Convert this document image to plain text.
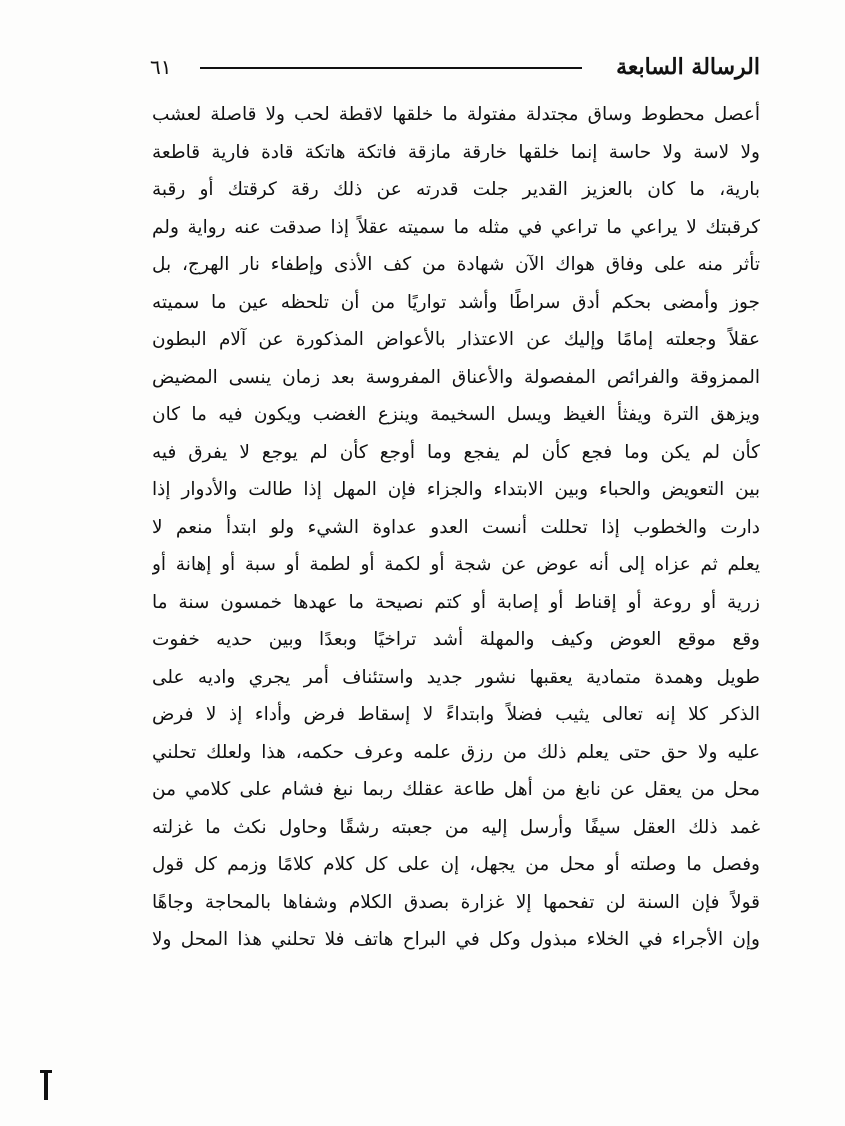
الرسالة السابعة
٦١
أعصل محطوط وساق مجتدلة مفتولة ما خلقها لاقطة لحب ولا قاصلة لعشب
ولا لاسة ولا حاسة إنما خلقها خارقة مازقة فاتكة هاتكة قادة فارية قاطعة
بارية، ما كان بالعزيز القدير جلت قدرته عن ذلك رقة كرقتك أو رقبة
كرقبتك لا يراعي ما تراعي في مثله ما سميته عقلاً إذا صدقت عنه رواية ولم
تأثر منه على وفاق هواك الآن شهادة من كف الأذى وإطفاء نار الهرج، بل
جوز وأمضى بحكم أدق سراطًا وأشد تواريًا من أن تلحظه عين ما سميته
عقلاً وجعلته إمامًا وإليك عن الاعتذار بالأعواض المذكورة عن آلام البطون
الممزوقة والفرائص المفصولة والأعناق المفروسة بعد زمان ينسى المضيض
ويزهق الترة ويفثأ الغيظ ويسل السخيمة وينزع الغضب ويكون فيه ما كان
كأن لم يكن وما فجع كأن لم يفجع وما أوجع كأن لم يوجع لا يفرق فيه
بين التعويض والحباء وبين الابتداء والجزاء فإن المهل إذا طالت والأدوار إذا
دارت والخطوب إذا تحللت أنست العدو عداوة الشيء ولو ابتدأ منعم لا
يعلم ثم عزاه إلى أنه عوض عن شجة أو لكمة أو لطمة أو سبة أو إهانة أو
زرية أو روعة أو إقناط أو إصابة أو كتم نصيحة ما عهدها خمسون سنة ما
وقع موقع العوض وكيف والمهلة أشد تراخيًا وبعدًا وبين حديه خفوت
طويل وهمدة متمادية يعقبها نشور جديد واستئناف أمر يجري واديه على
الذكر كلا إنه تعالى يثيب فضلاً وابتداءً لا إسقاط فرض وأداء إذ لا فرض
عليه ولا حق حتى يعلم ذلك من رزق علمه وعرف حكمه، هذا ولعلك تحلني
محل من يعقل عن نابغ من أهل طاعة عقلك ربما نبغ فشام على كلامي من
غمد ذلك العقل سيفًا وأرسل إليه من جعبته رشقًا وحاول نكث ما غزلته
وفصل ما وصلته أو محل من يجهل، إن على كل كلام كلامًا وزمم كل قول
قولاً فإن السنة لن تفحمها إلا غزارة بصدق الكلام وشفاها بالمحاجة وجاهًا
وإن الأجراء في الخلاء مبذول وكل في البراح هاتف فلا تحلني هذا المحل ولا
